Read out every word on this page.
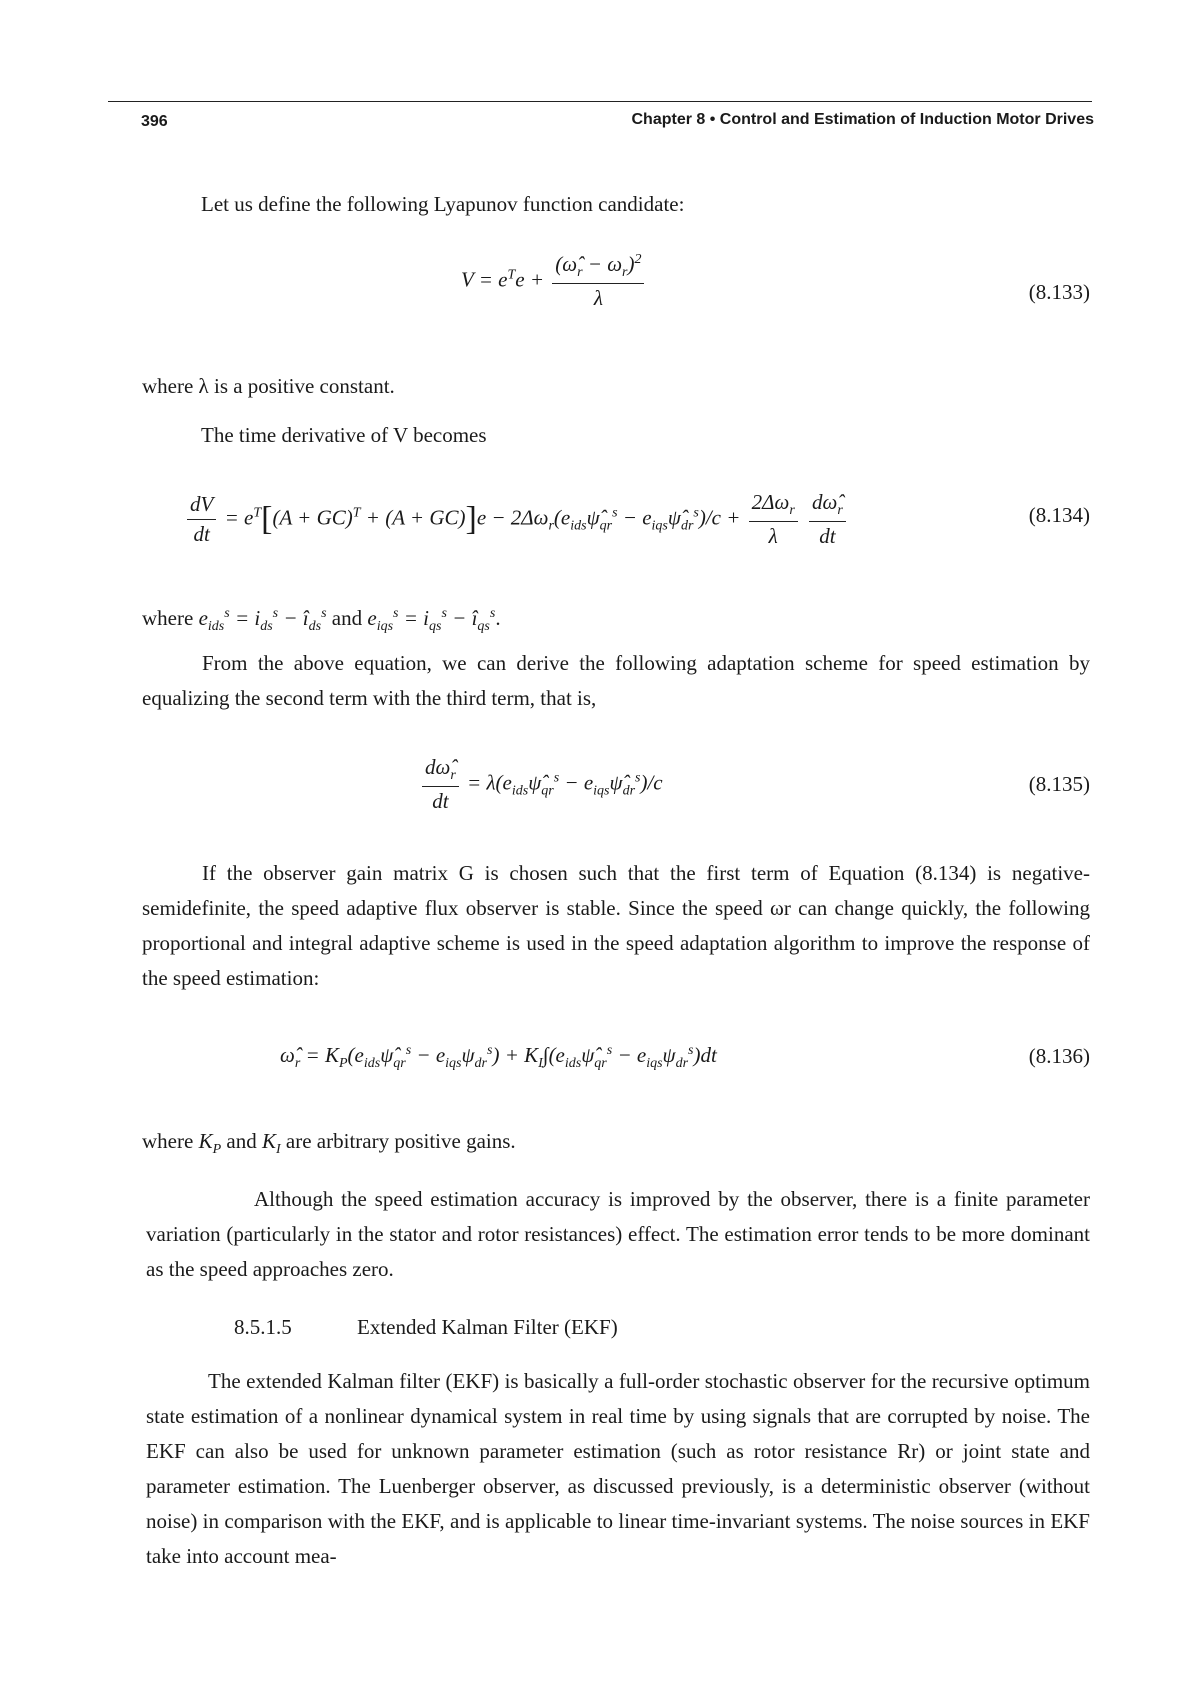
396	Chapter 8 • Control and Estimation of Induction Motor Drives
Let us define the following Lyapunov function candidate:
$V = e^Te + \frac{(\omegâ_r - \omega_r)^2}{\lambda}$	(8.133)
where λ is a positive constant.
The time derivative of V becomes
$\frac{dV}{dt} = e^T[(A + GC)^T + (A + GC)]e$ − $2\Delta\omega_r(e_{ids}\psî_{qr}^s$ − $e_{iqs}\psî_{dr}^s)/c + \frac{2\Delta\omega_r}{\lambda}$
$\frac{d\omegâ_r}{dt}$	(8.134)
where $e_{ids}^s = i_{ds}^s$ − $î_{ds}^s$ and $e_{iqs}^s = i_{qs}^s$ − $î_{qs}^s$.
From the above equation, we can derive the following adaptation scheme for speed estimation by equalizing the second term with the third term, that is,
$\frac{d\omegâ_r}{dt}$ = $\lambda(e_{ids}\psî_{qr}^s$ − $e_{iqs}\psî_{dr}^s)/c$	(8.135)
If the observer gain matrix G is chosen such that the first term of Equation (8.134) is negative-semidefinite, the speed adaptive flux observer is stable. Since the speed ωr can change quickly, the following proportional and integral adaptive scheme is used in the speed adaptation algorithm to improve the response of the speed estimation:
$\omegâ_r$ = $K_P(e_{ids}\psî_{qr}^s - e_{iqs}\psi_{dr}^s)$ + $K_I\int(e_{ids}\psî_{qr}^s - e_{iqs}\psi_{dr}^s)dt$	(8.136)
where $K_P$ and $K_I$ are arbitrary positive gains.
Although the speed estimation accuracy is improved by the observer, there is a finite parameter variation (particularly in the stator and rotor resistances) effect. The estimation error tends to be more dominant as the speed approaches zero.
8.5.1.5	Extended Kalman Filter (EKF)
The extended Kalman filter (EKF) is basically a full-order stochastic observer for the recursive optimum state estimation of a nonlinear dynamical system in real time by using signals that are corrupted by noise. The EKF can also be used for unknown parameter estimation (such as rotor resistance Rr) or joint state and parameter estimation. The Luenberger observer, as discussed previously, is a deterministic observer (without noise) in comparison with the EKF, and is applicable to linear time-invariant systems. The noise sources in EKF take into account mea-
